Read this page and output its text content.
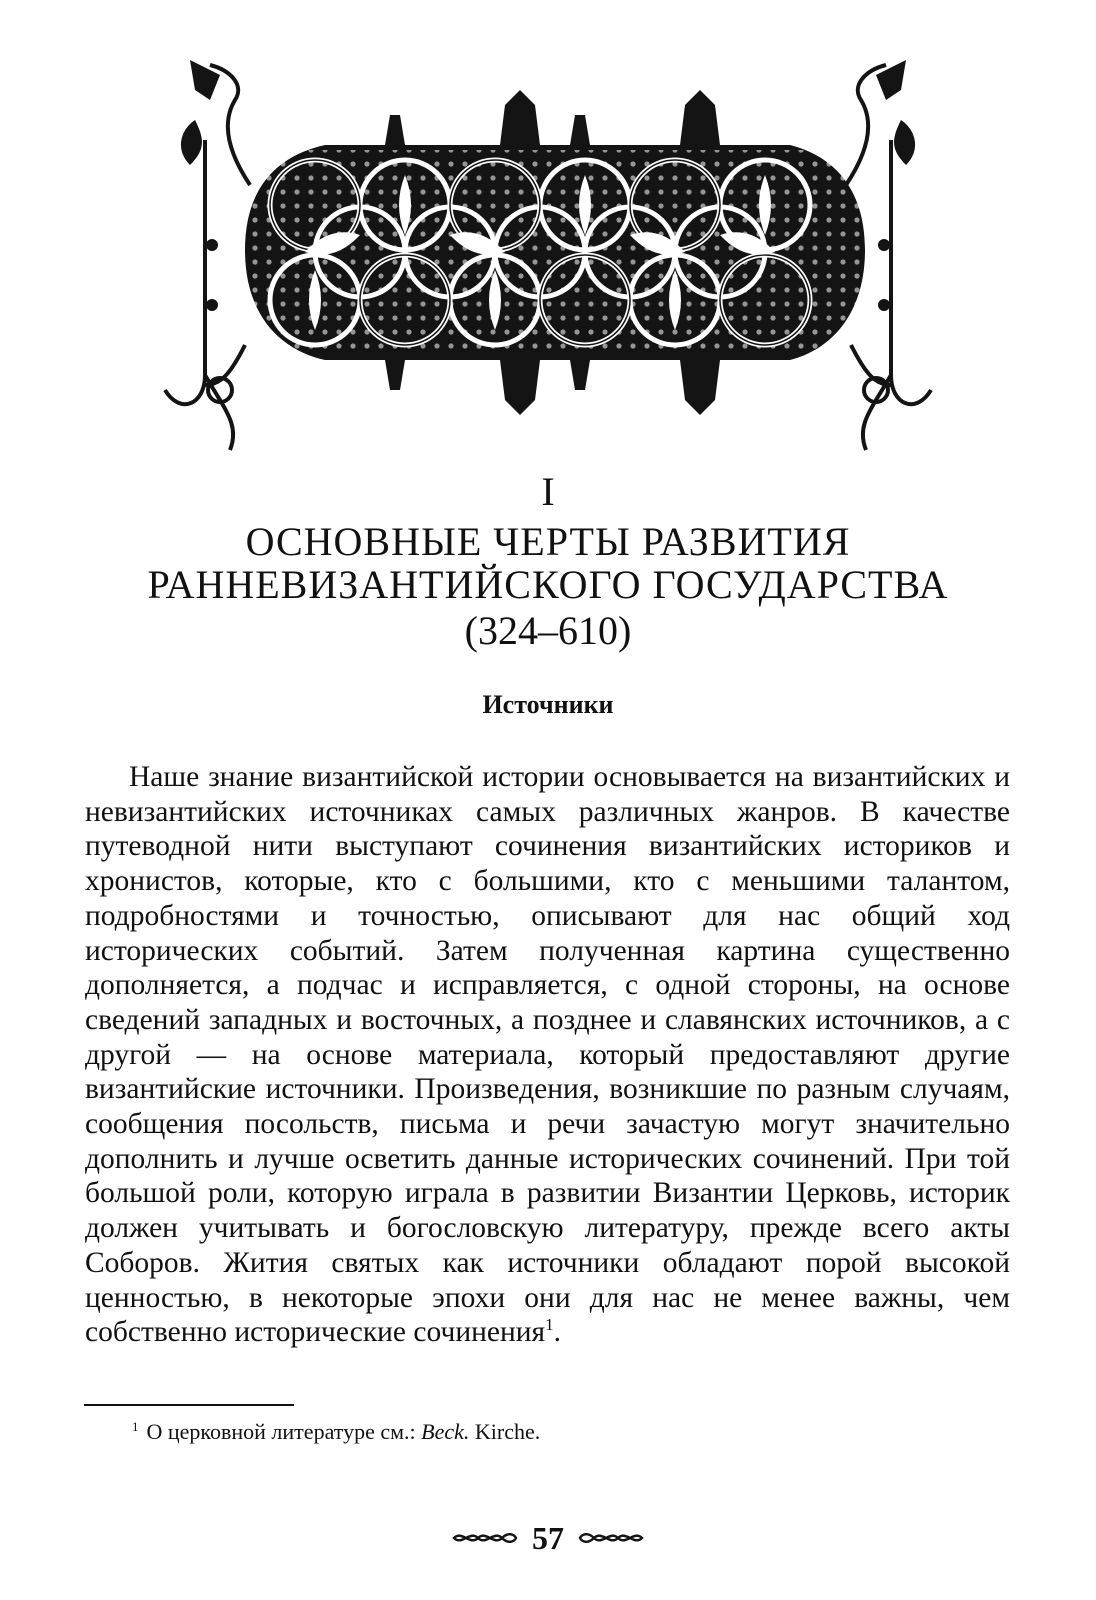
I
ОСНОВНЫЕ ЧЕРТЫ РАЗВИТИЯ
РАННЕВИЗАНТИЙСКОГО ГОСУДАРСТВА
(324–610)
Источники

Наше знание византийской истории основывается на византийских и невизантийских источниках самых различных жанров. В качестве путеводной нити выступают сочинения византийских историков и хронистов, которые, кто с большими, кто с меньшими талантом, подробностями и точностью, описывают для нас общий ход исторических событий. Затем полученная картина существенно дополняется, а подчас и исправляется, с одной стороны, на основе сведений западных и восточных, а позднее и славянских источников, а с другой — на основе материала, который предоставляют другие византийские источники. Произведения, возникшие по разным случаям, сообщения посольств, письма и речи зачастую могут значительно дополнить и лучше осветить данные исторических сочинений. При той большой роли, которую играла в развитии Византии Церковь, историк должен учитывать и богословскую литературу, прежде всего акты Соборов. Жития святых как источники обладают порой высокой ценностью, в некоторые эпохи они для нас не менее важны, чем собственно исторические сочинения$^1$.

$^1$ О церковной литературе см.: Beck. Kirche.
57
